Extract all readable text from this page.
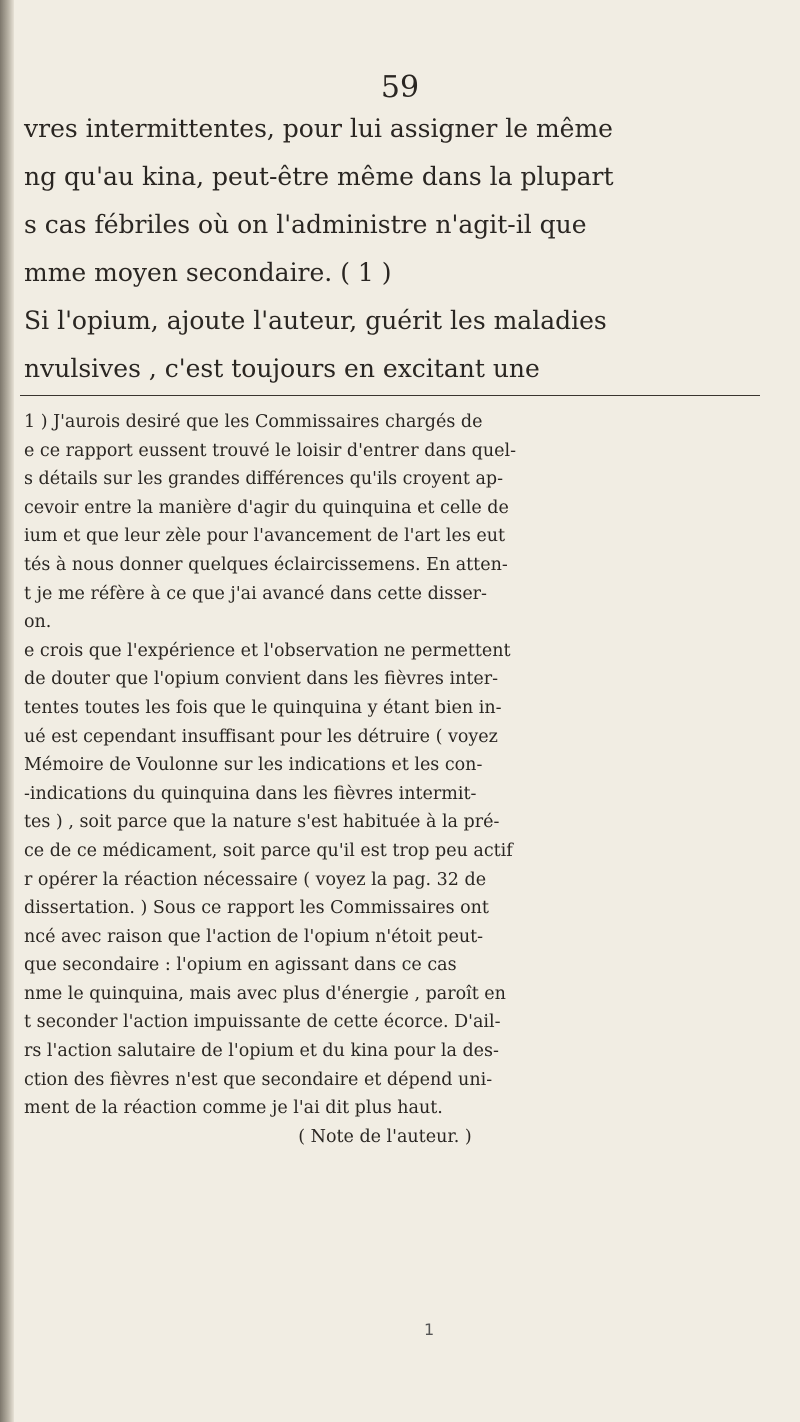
59
vres intermittentes, pour lui assigner le même
ng qu'au kina, peut-être même dans la plupart
s cas fébriles où on l'administre n'agit-il que
mme moyen secondaire. ( 1 )
Si l'opium, ajoute l'auteur, guérit les maladies
nvulsives , c'est toujours en excitant une
1 ) J'aurois desiré que les Commissaires chargés de
e ce rapport eussent trouvé le loisir d'entrer dans quel-
s détails sur les grandes différences qu'ils croyent ap-
cevoir entre la manière d'agir du quinquina et celle de
ium et que leur zèle pour l'avancement de l'art les eut
tés à nous donner quelques éclaircissemens. En atten-
t je me réfère à ce que j'ai avancé dans cette disser-
on.
e crois que l'expérience et l'observation ne permettent
de douter que l'opium convient dans les fièvres inter-
tentes toutes les fois que le quinquina y étant bien in-
ué est cependant insuffisant pour les détruire ( voyez
Mémoire de Voulonne sur les indications et les con-
-indications du quinquina dans les fièvres intermit-
tes ) , soit parce que la nature s'est habituée à la pré-
ce de ce médicament, soit parce qu'il est trop peu actif
r opérer la réaction nécessaire ( voyez la pag. 32 de
dissertation. ) Sous ce rapport les Commissaires ont
ncé avec raison que l'action de l'opium n'étoit peut-
que secondaire : l'opium en agissant dans ce cas
nme le quinquina, mais avec plus d'énergie , paroît en
t seconder l'action impuissante de cette écorce. D'ail-
rs l'action salutaire de l'opium et du kina pour la des-
ction des fièvres n'est que secondaire et dépend uni-
ment de la réaction comme je l'ai dit plus haut.
( Note de l'auteur. )
1
